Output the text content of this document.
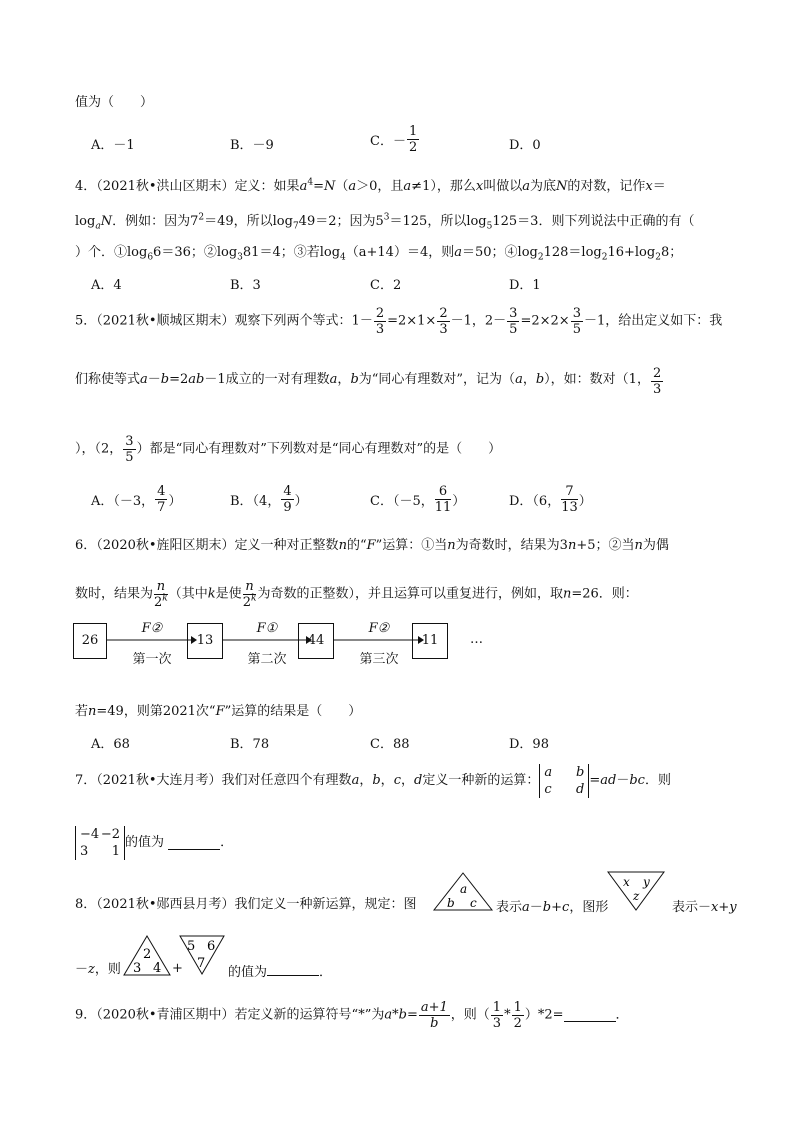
值为（　　）
A．－1	B．－9	C．－ $\frac{1}{2}$	D．0
4．（2021秋•洪山区期末）定义：如果$a^4=N(a>0$，且a≠1），那么x叫做以a为底N的对数，记作x＝
$\log_aN$．例如：因为$7^2=49$，所以$\log_749=2$；因为$5^3=125$，所以$\log_5125=3$．则下列说法中正确的有（
）个．$①\log_66=36$；$②\log_381=4$；③若$\log_4(a+14)=4$，则a＝50；$④\log_2128=\log_216+\log_28$；
A．4	B．3	C．2	D．1
5．（2021秋•顺城区期末）观察下列两个等式：$1- \frac{2}{3} =2\times 1\times \frac{2}{3} -1$，$2- \frac{3}{5} =2\times 2\times \frac{3}{5} -1$，给出定义如下：我
们称使等式a－b=2ab－1成立的一对有理数a，b为“同心有理数对”，记为（a，b），如：数对（1， $\frac{2}{3}$
），（2， $\frac{3}{5}$ ）都是“同心有理数对”下列数对是“同心有理数对”的是（　　）
A．（－3， $\frac{4}{7}$ ）	B．（4， $\frac{4}{9}$ ）	C．（－5， $\frac{6}{11}$ ）	D．（6， $\frac{7}{13}$ ）
6．（2020秋•旌阳区期末）定义一种对正整数n的“F”运算：①当n为奇数时，结果为3n+5；②当n为偶
数时，结果为 $\frac{n}{2^k}$ （其中k是使 $\frac{n}{2^k}$ 为奇数的正整数），并且运算可以重复进行，例如，取n=26．则：
26
F②
第一次
13
F①
第二次
44
F②
第三次
11	…
若n=49，则第2021次“F”运算的结果是（　　）
A．68	B．78	C．88	D．98
7．（2021秋•大连月考）我们对任意四个有理数a，b，c，d定义一种新的运算：a b
c d=ad－bc．则
−4 −2
3 1的值为	．
8．（2021秋•郧西县月考）我们定义一种新运算，规定：图
a
b c 表示a－b+c，图形
x y
z
表示－x+y
－z，则
2
3 4 +
5 6
7
的值为	．
9．（2020秋•青浦区期中）若定义新的运算符号“*”为$a*b= \frac{a+1}{b}$ ，则（ $\frac{1}{3} * \frac{1}{2} )*2=$	．
